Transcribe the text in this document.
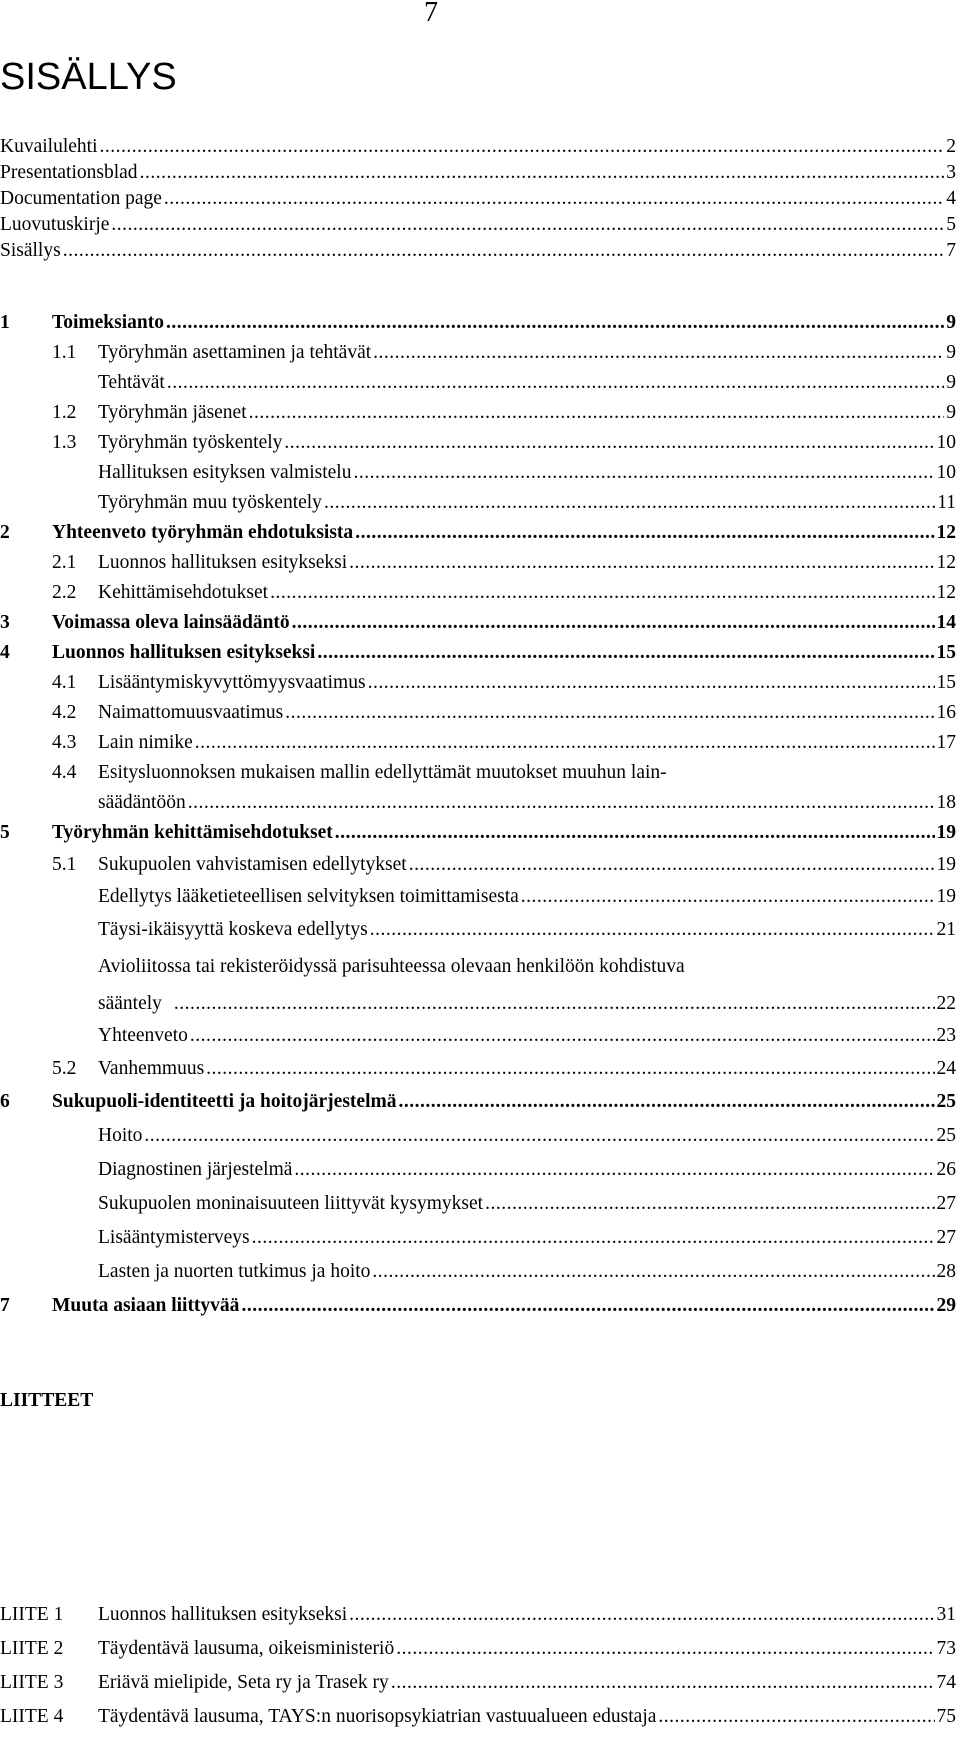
7
SISÄLLYS
Kuvailulehti .....	2
Presentationsblad .....	3
Documentation page .....	4
Luovutuskirje .....	5
Sisällys .....	7
1 Toimeksianto .....	9
1.1 Työryhmän asettaminen ja tehtävät .....	9
Tehtävät .....	9
1.2 Työryhmän jäsenet .....	9
1.3 Työryhmän työskentely .....	10
Hallituksen esityksen valmistelu .....	10
Työryhmän muu työskentely .....	11
2 Yhteenveto työryhmän ehdotuksista .....	12
2.1 Luonnos hallituksen esitykseksi .....	12
2.2 Kehittämisehdotukset .....	12
3 Voimassa oleva lainsäädäntö .....	14
4 Luonnos hallituksen esitykseksi .....	15
4.1 Lisääntymiskyvyttömyysvaatimus .....	15
4.2 Naimattomuusvaatimus .....	16
4.3 Lain nimike .....	17
4.4 Esitysluonnoksen mukaisen mallin edellyttämät muutokset muuhun lain-
säädäntöön .....	18
5 Työryhmän kehittämisehdotukset .....	19
5.1 Sukupuolen vahvistamisen edellytykset .....	19
Edellytys lääketieteellisen selvityksen toimittamisesta .....	19
Täysi-ikäisyyttä koskeva edellytys .....	21
Avioliitossa tai rekisteröidyssä parisuhteessa olevaan henkilöön kohdistuva
sääntely .....	22
Yhteenveto .....	23
5.2 Vanhemmuus .....	24
6 Sukupuoli-identiteetti ja hoitojärjestelmä .....	25
Hoito .....	25
Diagnostinen järjestelmä .....	26
Sukupuolen moninaisuuteen liittyvät kysymykset .....	27
Lisääntymisterveys .....	27
Lasten ja nuorten tutkimus ja hoito .....	28
7 Muuta asiaan liittyvää .....	29
LIITTEET
LIITE 1 Luonnos hallituksen esitykseksi .....	31
LIITE 2 Täydentävä lausuma, oikeisministeriö .....	73
LIITE 3 Eriävä mielipide, Seta ry ja Trasek ry .....	74
LIITE 4 Täydentävä lausuma, TAYS:n nuorisopsykiatrian vastuualueen edustaja .....	75
